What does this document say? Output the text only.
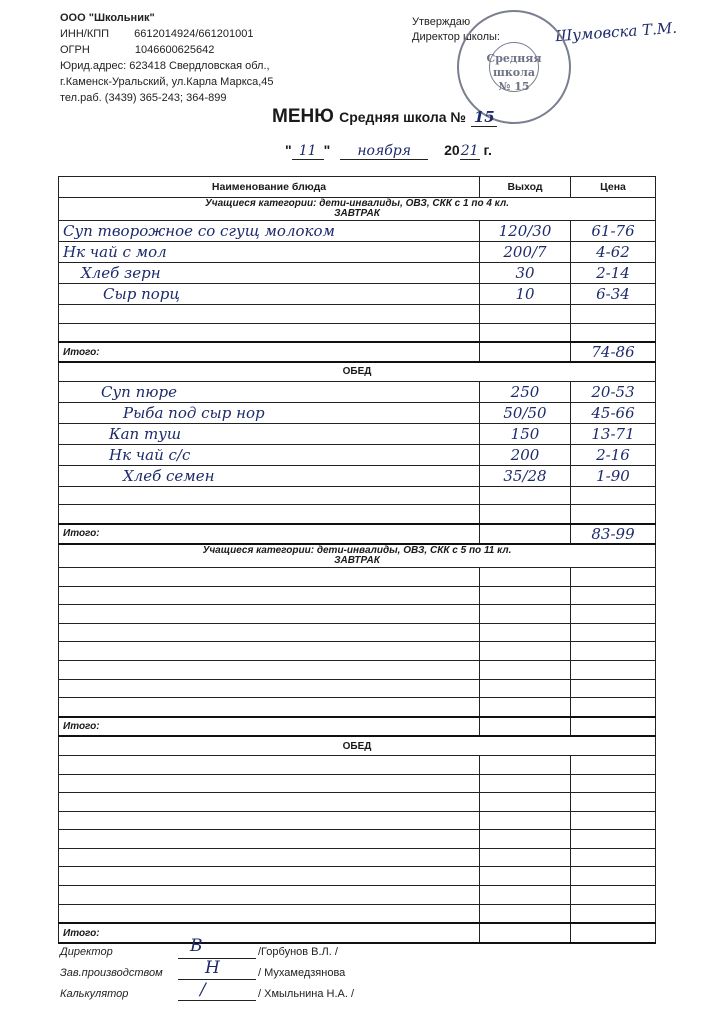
ООО "Школьник"
ИНН/КПП 6612014924/661201001
ОГРН	1046600625642
Юрид.адрес: 623418 Свердловская обл.,
г.Каменск-Уральский, ул.Карла Маркса,45
тел.раб. (3439) 365-243; 364-899
Утверждаю
Директор школы:	Шумовска Т.М.
Средняя
школа
№ 15
МЕНЮ Средняя школа № 15
" 11 " ноября 2021 г.
Наименование блюда	Выход	Цена
Учащиеся категории: дети-инвалиды, ОВЗ, СКК с 1 по 4 кл.
ЗАВТРАК		
Суп творожное со сгущ молоком	120/30	61-76
Нк чай с мол	200/7	4-62
Хлеб зерн	30	2-14
Сыр порц	10	6-34

Итого:		74-86
ОБЕД		
Суп пюре	250	20-53
Рыба под сыр нор	50/50	45-66
Кап туш	150	13-71
Нк чай с/с	200	2-16
Хлеб семен	35/28	1-90

Итого:		83-99
Учащиеся категории: дети-инвалиды, ОВЗ, СКК с 5 по 11 кл.
ЗАВТРАК		

Итого:		
ОБЕД		

Итого:		
Директор	B	/Горбунов В.Л. /
Зав.производством H	/ Мухамедзянова
Калькулятор	/	/ Хмыльнина Н.А. /
